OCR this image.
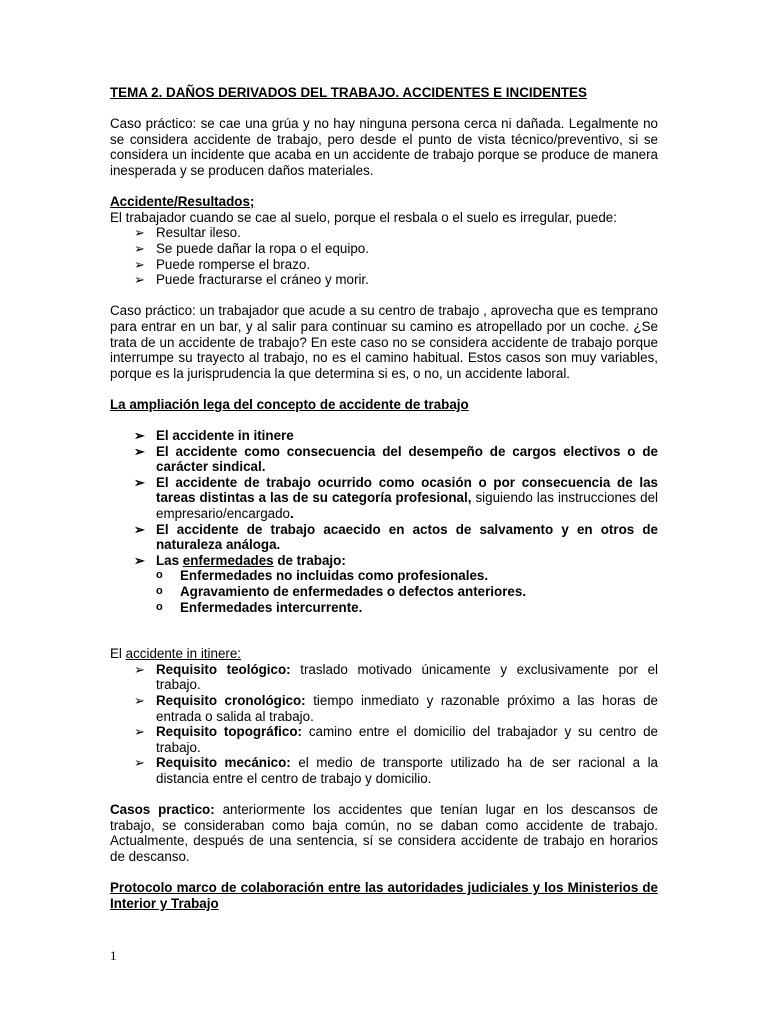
TEMA 2. DAÑOS DERIVADOS DEL TRABAJO. ACCIDENTES E INCIDENTES

Caso práctico: se cae una grúa y no hay ninguna persona cerca ni dañada. Legalmente no se considera accidente de trabajo, pero desde el punto de vista técnico/preventivo, si se considera un incidente que acaba en un accidente de trabajo porque se produce de manera inesperada y se producen daños materiales.

Accidente/Resultados;

El trabajador cuando se cae al suelo, porque el resbala o el suelo es irregular, puede:

➢ Resultar ileso.
➢ Se puede dañar la ropa o el equipo.
➢ Puede romperse el brazo.
➢ Puede fracturarse el cráneo y morir.

Caso práctico: un trabajador que acude a su centro de trabajo , aprovecha que es temprano para entrar en un bar, y al salir para continuar su camino es atropellado por un coche. ¿Se trata de un accidente de trabajo? En este caso no se considera accidente de trabajo porque interrumpe su trayecto al trabajo, no es el camino habitual. Estos casos son muy variables, porque es la jurisprudencia la que determina si es, o no, un accidente laboral.

La ampliación lega del concepto de accidente de trabajo

➢ El accidente in itinere
➢ El accidente como consecuencia del desempeño de cargos electivos o de carácter sindical.
➢ El accidente de trabajo ocurrido como ocasión o por consecuencia de las tareas distintas a las de su categoría profesional, siguiendo las instrucciones del empresario/encargado.
➢ El accidente de trabajo acaecido en actos de salvamento y en otros de naturaleza análoga.
➢ Las enfermedades de trabajo:
o Enfermedades no incluidas como profesionales.
o Agravamiento de enfermedades o defectos anteriores.
o Enfermedades intercurrente.

El accidente in itinere:

➢ Requisito teológico: traslado motivado únicamente y exclusivamente por el trabajo.
➢ Requisito cronológico: tiempo inmediato y razonable próximo a las horas de entrada o salida al trabajo.
➢ Requisito topográfico: camino entre el domicilio del trabajador y su centro de trabajo.
➢ Requisito mecánico: el medio de transporte utilizado ha de ser racional a la distancia entre el centro de trabajo y domicilio.

Casos practico: anteriormente los accidentes que tenían lugar en los descansos de trabajo, se consideraban como baja común, no se daban como accidente de trabajo. Actualmente, después de una sentencia, sí se considera accidente de trabajo en horarios de descanso.

Protocolo marco de colaboración entre las autoridades judiciales y los Ministerios de Interior y Trabajo

1
